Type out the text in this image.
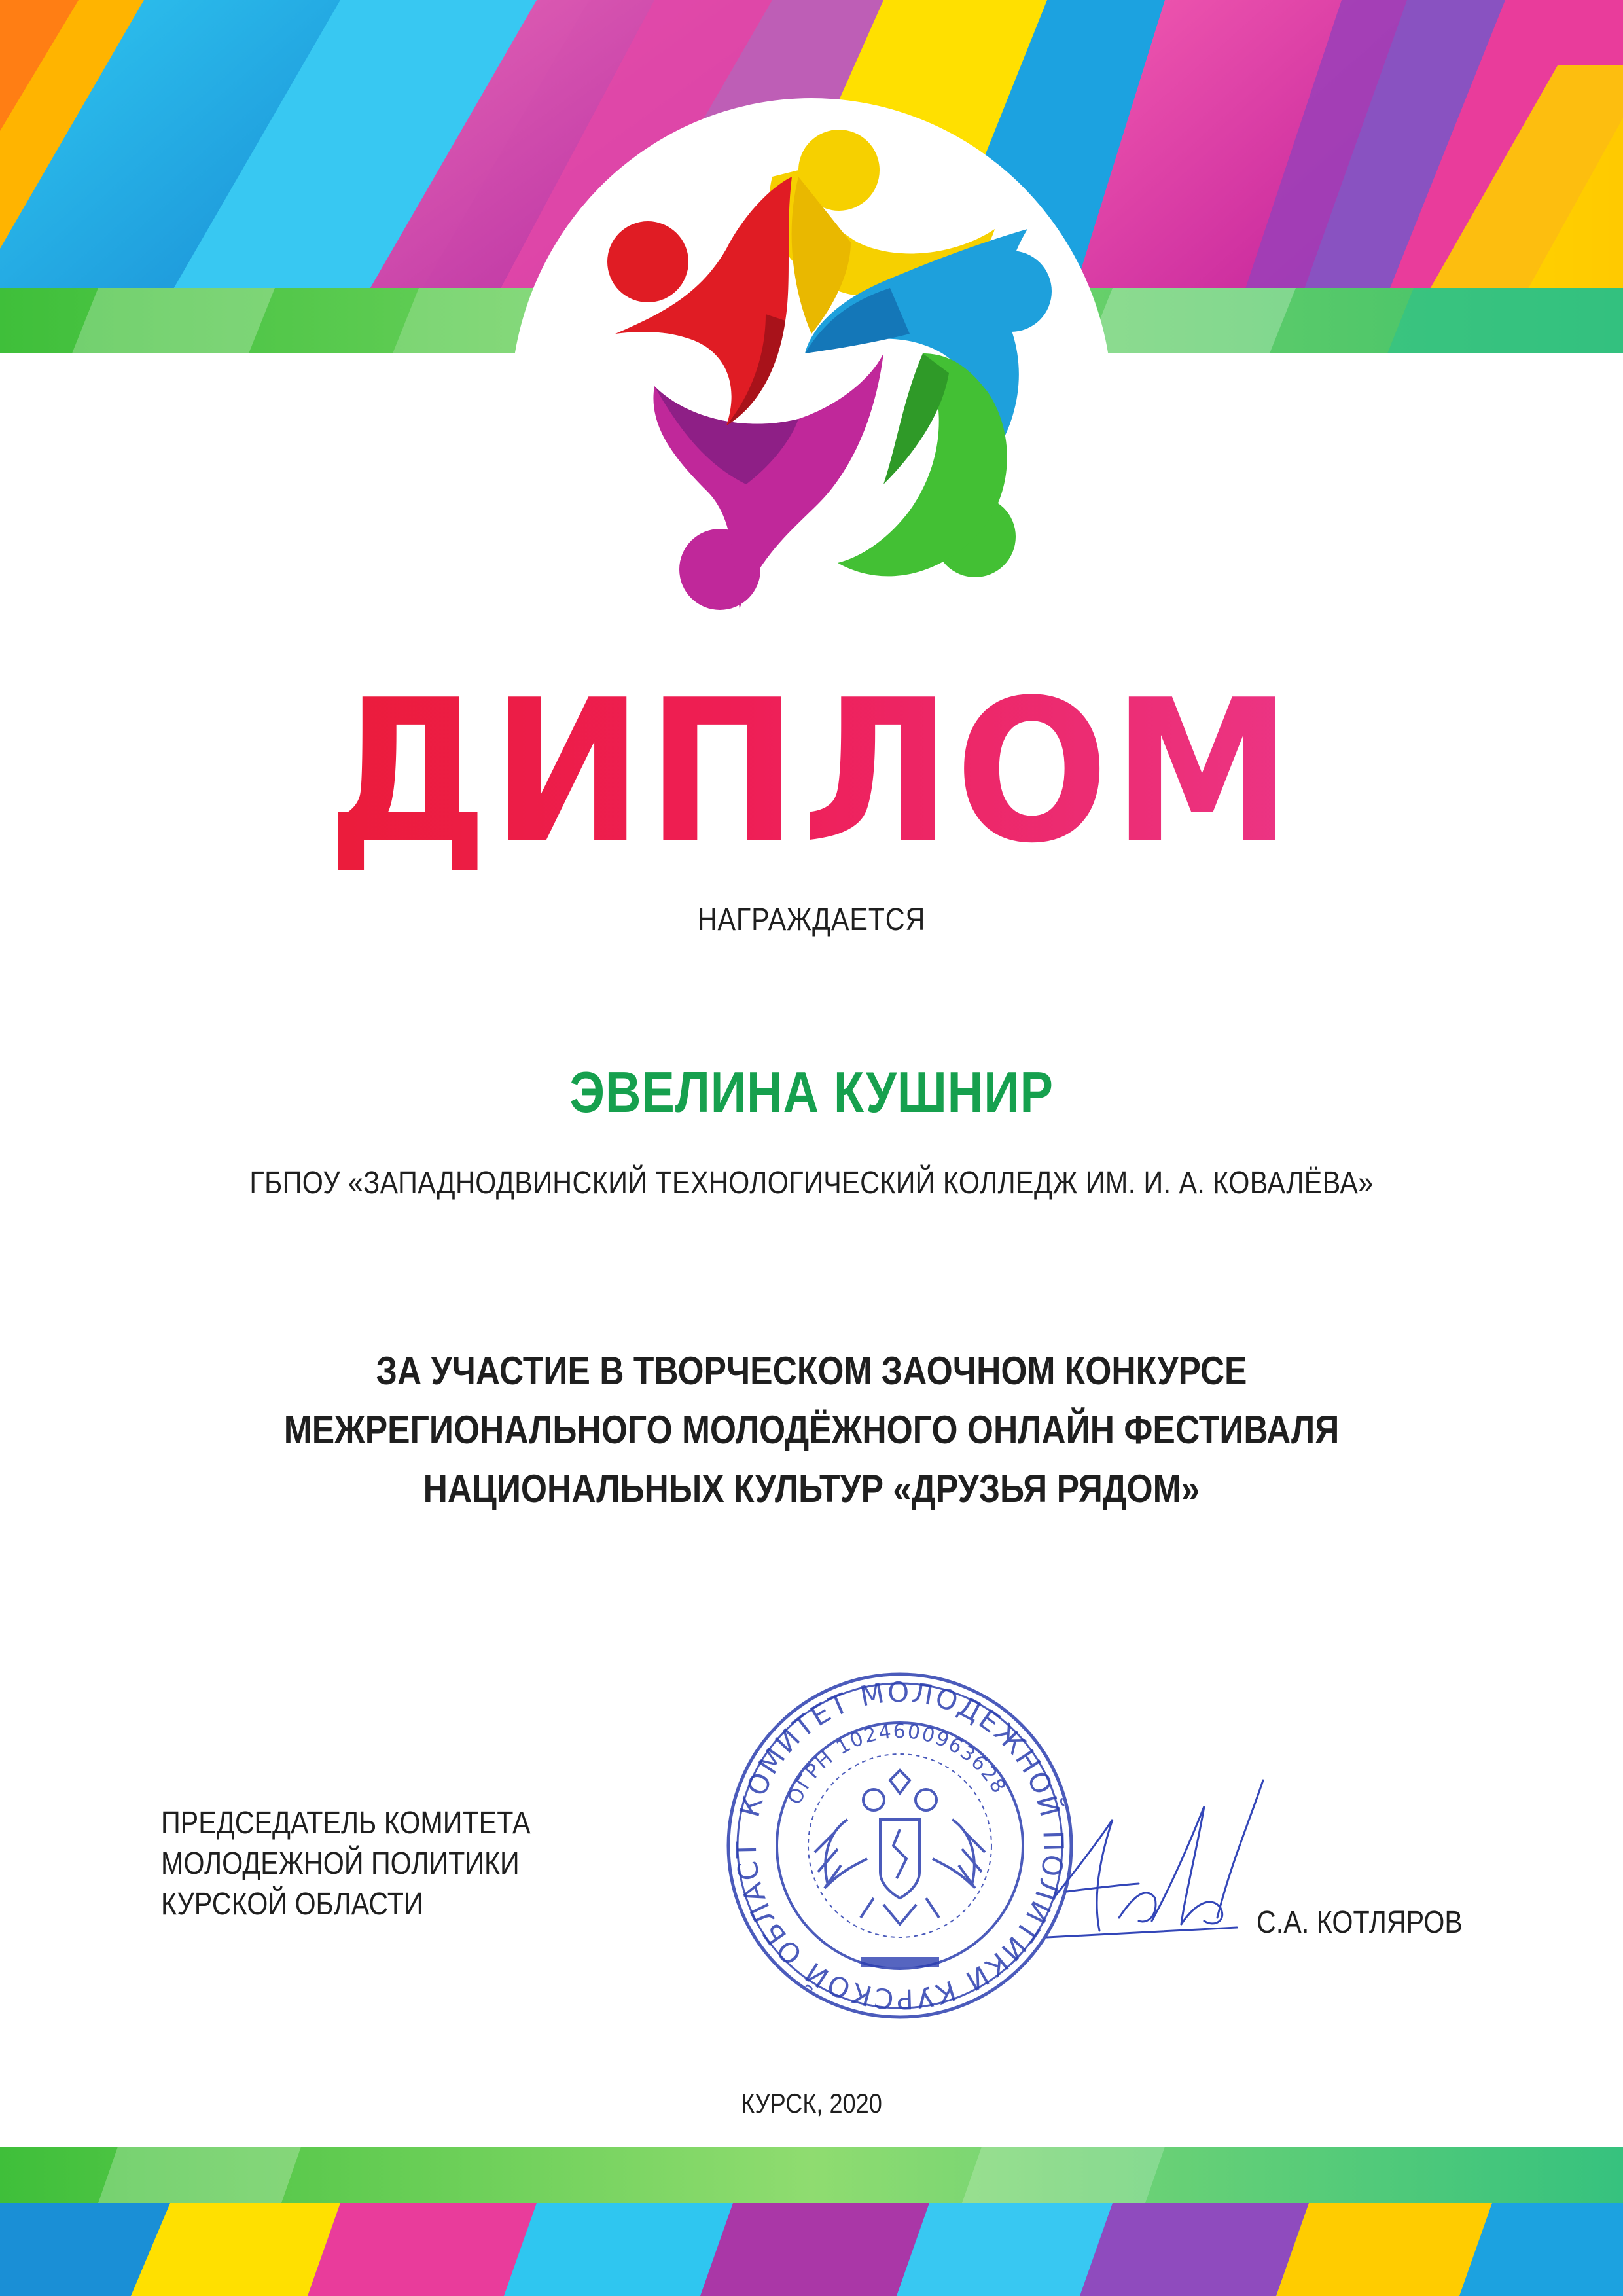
ДИПЛОМ
НАГРАЖДАЕТСЯ
ЭВЕЛИНА КУШНИР
ГБПОУ «ЗАПАДНОДВИНСКИЙ ТЕХНОЛОГИЧЕСКИЙ КОЛЛЕДЖ ИМ. И. А. КОВАЛЁВА»
ЗА УЧАСТИЕ В ТВОРЧЕСКОМ ЗАОЧНОМ КОНКУРСЕ
МЕЖРЕГИОНАЛЬНОГО МОЛОДЁЖНОГО ОНЛАЙН ФЕСТИВАЛЯ
НАЦИОНАЛЬНЫХ КУЛЬТУР «ДРУЗЬЯ РЯДОМ»
ПРЕДСЕДАТЕЛЬ КОМИТЕТА
МОЛОДЕЖНОЙ ПОЛИТИКИ
КУРСКОЙ ОБЛАСТИ
КОМИТЕТ МОЛОДЕЖНОЙ ПОЛИТИКИ КУРСКОЙ ОБЛАСТ
ОГРН 1024600963628
С.А. КОТЛЯРОВ
КУРСК, 2020
